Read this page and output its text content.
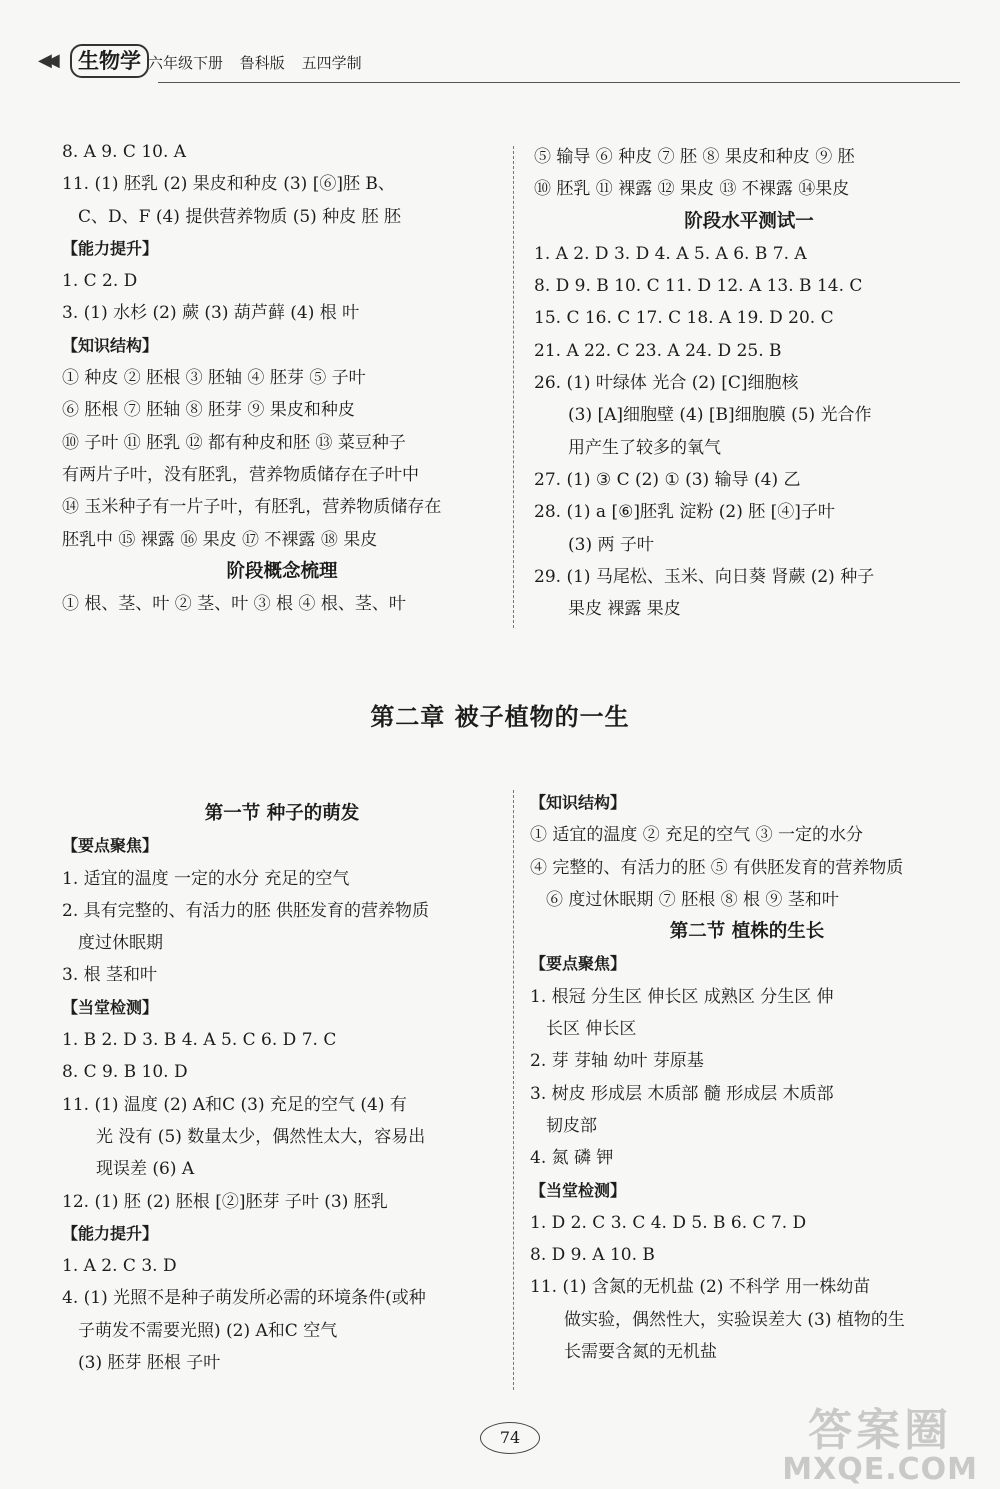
◀◀	生物学 六年级下册 鲁科版 五四学制
8. A 9. C 10. A
11. (1) 胚乳 (2) 果皮和种皮 (3) [⑥]胚 B、
C、D、F (4) 提供营养物质 (5) 种皮 胚 胚
【能力提升】
1. C 2. D
3. (1) 水杉 (2) 蕨 (3) 葫芦藓 (4) 根 叶
【知识结构】
① 种皮 ② 胚根 ③ 胚轴 ④ 胚芽 ⑤ 子叶
⑥ 胚根 ⑦ 胚轴 ⑧ 胚芽 ⑨ 果皮和种皮
⑩ 子叶 ⑪ 胚乳 ⑫ 都有种皮和胚 ⑬ 菜豆种子
有两片子叶，没有胚乳，营养物质储存在子叶中
⑭ 玉米种子有一片子叶，有胚乳，营养物质储存在
胚乳中 ⑮ 裸露 ⑯ 果皮 ⑰ 不裸露 ⑱ 果皮
阶段概念梳理
① 根、茎、叶 ② 茎、叶 ③ 根 ④ 根、茎、叶
⑤ 输导 ⑥ 种皮 ⑦ 胚 ⑧ 果皮和种皮 ⑨ 胚
⑩ 胚乳 ⑪ 裸露 ⑫ 果皮 ⑬ 不裸露 ⑭果皮
阶段水平测试一
1. A 2. D 3. D 4. A 5. A 6. B 7. A
8. D 9. B 10. C 11. D 12. A 13. B 14. C
15. C 16. C 17. C 18. A 19. D 20. C
21. A 22. C 23. A 24. D 25. B
26. (1) 叶绿体 光合 (2) [C]细胞核
(3) [A]细胞壁 (4) [B]细胞膜 (5) 光合作
用产生了较多的氧气
27. (1) ③ C (2) ① (3) 输导 (4) 乙
28. (1) a [⑥]胚乳 淀粉 (2) 胚 [④]子叶
(3) 两 子叶
29. (1) 马尾松、玉米、向日葵 肾蕨 (2) 种子
果皮 裸露 果皮
第二章 被子植物的一生
第一节 种子的萌发
【要点聚焦】
1. 适宜的温度 一定的水分 充足的空气
2. 具有完整的、有活力的胚 供胚发育的营养物质
度过休眠期
3. 根 茎和叶
【当堂检测】
1. B 2. D 3. B 4. A 5. C 6. D 7. C
8. C 9. B 10. D
11. (1) 温度 (2) A和C (3) 充足的空气 (4) 有
光 没有 (5) 数量太少，偶然性太大，容易出
现误差 (6) A
12. (1) 胚 (2) 胚根 [②]胚芽 子叶 (3) 胚乳
【能力提升】
1. A 2. C 3. D
4. (1) 光照不是种子萌发所必需的环境条件(或种
子萌发不需要光照) (2) A和C 空气
(3) 胚芽 胚根 子叶
【知识结构】
① 适宜的温度 ② 充足的空气 ③ 一定的水分
④ 完整的、有活力的胚 ⑤ 有供胚发育的营养物质
⑥ 度过休眠期 ⑦ 胚根 ⑧ 根 ⑨ 茎和叶
第二节 植株的生长
【要点聚焦】
1. 根冠 分生区 伸长区 成熟区 分生区 伸
长区 伸长区
2. 芽 芽轴 幼叶 芽原基
3. 树皮 形成层 木质部 髓 形成层 木质部
韧皮部
4. 氮 磷 钾
【当堂检测】
1. D 2. C 3. C 4. D 5. B 6. C 7. D
8. D 9. A 10. B
11. (1) 含氮的无机盐 (2) 不科学 用一株幼苗
做实验，偶然性大，实验误差大 (3) 植物的生
长需要含氮的无机盐
74	答案圈
MXQE.COM
